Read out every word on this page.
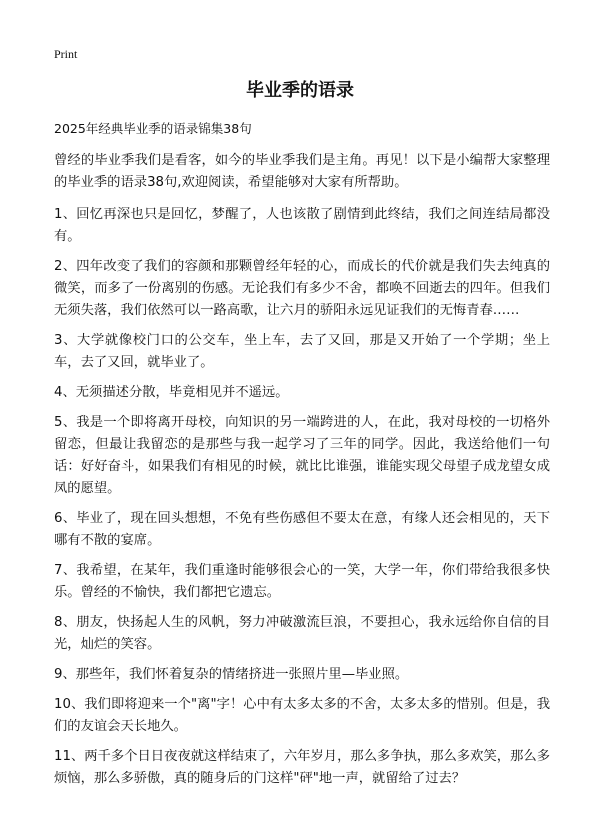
Print
毕业季的语录

2025年经典毕业季的语录锦集38句

曾经的毕业季我们是看客，如今的毕业季我们是主角。再见！以下是小编帮大家整理的毕业季的语录38句,欢迎阅读，希望能够对大家有所帮助。

1、回忆再深也只是回忆，梦醒了，人也该散了剧情到此终结，我们之间连结局都没有。

2、四年改变了我们的容颜和那颗曾经年轻的心，而成长的代价就是我们失去纯真的微笑，而多了一份离别的伤感。无论我们有多少不舍，都唤不回逝去的四年。但我们无须失落，我们依然可以一路高歌，让六月的骄阳永远见证我们的无悔青春……

3、大学就像校门口的公交车，坐上车，去了又回，那是又开始了一个学期；坐上车，去了又回，就毕业了。

4、无须描述分散，毕竟相见并不遥远。

5、我是一个即将离开母校，向知识的另一端跨进的人，在此，我对母校的一切格外留恋，但最让我留恋的是那些与我一起学习了三年的同学。因此，我送给他们一句话：好好奋斗，如果我们有相见的时候，就比比谁强，谁能实现父母望子成龙望女成凤的愿望。

6、毕业了，现在回头想想，不免有些伤感但不要太在意，有缘人还会相见的，天下哪有不散的宴席。

7、我希望，在某年，我们重逢时能够很会心的一笑，大学一年，你们带给我很多快乐。曾经的不愉快，我们都把它遗忘。

8、朋友，快扬起人生的风帆，努力冲破激流巨浪，不要担心，我永远给你自信的目光，灿烂的笑容。

9、那些年，我们怀着复杂的情绪挤进一张照片里—毕业照。

10、我们即将迎来一个"离"字！心中有太多太多的不舍，太多太多的惜别。但是，我们的友谊会天长地久。

11、两千多个日日夜夜就这样结束了，六年岁月，那么多争执，那么多欢笑，那么多烦恼，那么多骄傲，真的随身后的门这样"砰"地一声，就留给了过去？
